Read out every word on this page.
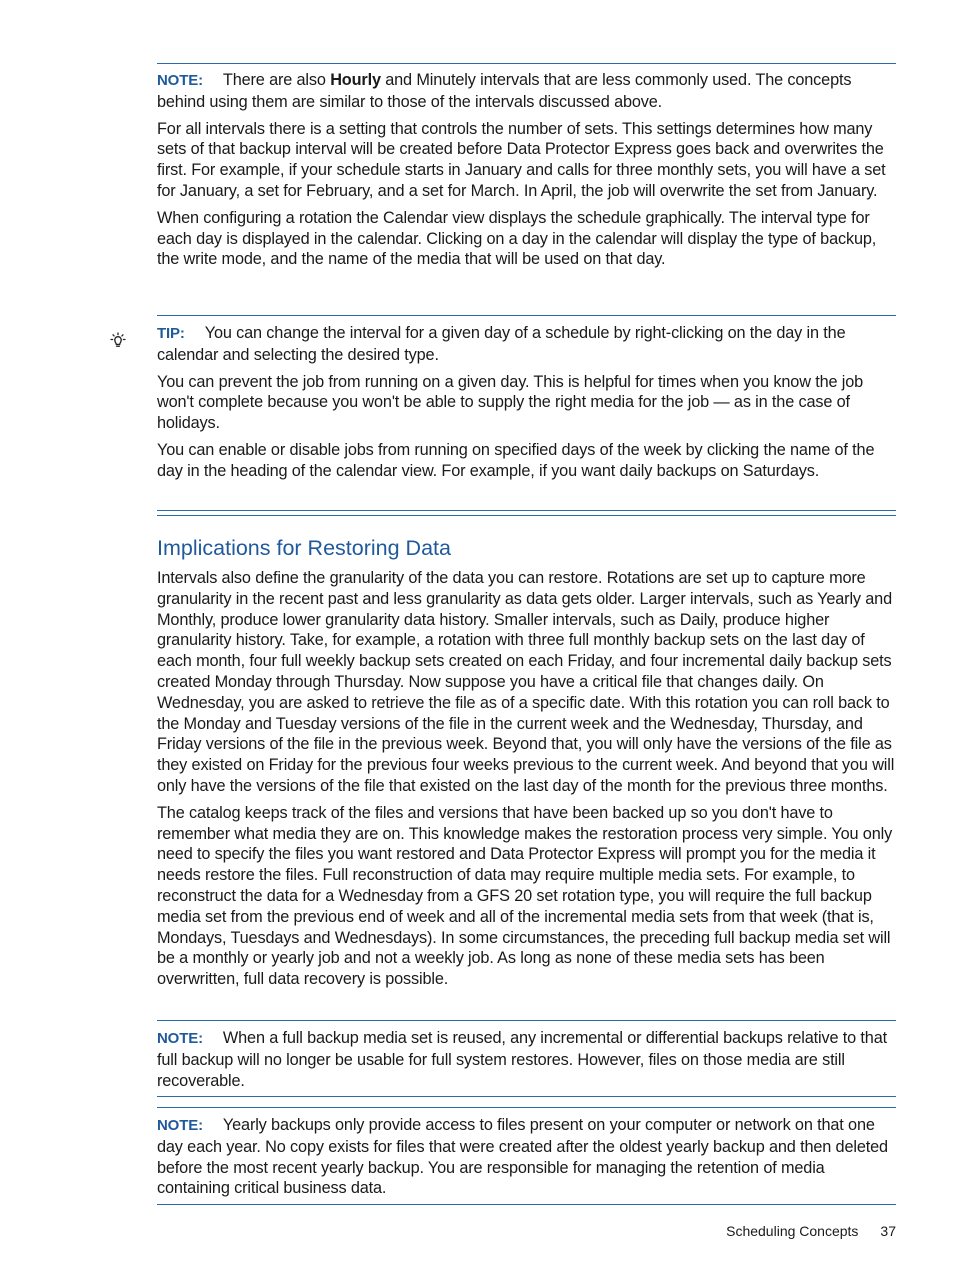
NOTE: There are also Hourly and Minutely intervals that are less commonly used. The concepts behind using them are similar to those of the intervals discussed above.

For all intervals there is a setting that controls the number of sets. This settings determines how many sets of that backup interval will be created before Data Protector Express goes back and overwrites the first. For example, if your schedule starts in January and calls for three monthly sets, you will have a set for January, a set for February, and a set for March. In April, the job will overwrite the set from January.

When configuring a rotation the Calendar view displays the schedule graphically. The interval type for each day is displayed in the calendar. Clicking on a day in the calendar will display the type of backup, the write mode, and the name of the media that will be used on that day.

TIP: You can change the interval for a given day of a schedule by right-clicking on the day in the calendar and selecting the desired type.

You can prevent the job from running on a given day. This is helpful for times when you know the job won't complete because you won't be able to supply the right media for the job — as in the case of holidays.

You can enable or disable jobs from running on specified days of the week by clicking the name of the day in the heading of the calendar view. For example, if you want daily backups on Saturdays.

Implications for Restoring Data

Intervals also define the granularity of the data you can restore. Rotations are set up to capture more granularity in the recent past and less granularity as data gets older. Larger intervals, such as Yearly and Monthly, produce lower granularity data history. Smaller intervals, such as Daily, produce higher granularity history. Take, for example, a rotation with three full monthly backup sets on the last day of each month, four full weekly backup sets created on each Friday, and four incremental daily backup sets created Monday through Thursday. Now suppose you have a critical file that changes daily. On Wednesday, you are asked to retrieve the file as of a specific date. With this rotation you can roll back to the Monday and Tuesday versions of the file in the current week and the Wednesday, Thursday, and Friday versions of the file in the previous week. Beyond that, you will only have the versions of the file as they existed on Friday for the previous four weeks previous to the current week. And beyond that you will only have the versions of the file that existed on the last day of the month for the previous three months.

The catalog keeps track of the files and versions that have been backed up so you don't have to remember what media they are on. This knowledge makes the restoration process very simple. You only need to specify the files you want restored and Data Protector Express will prompt you for the media it needs restore the files. Full reconstruction of data may require multiple media sets. For example, to reconstruct the data for a Wednesday from a GFS 20 set rotation type, you will require the full backup media set from the previous end of week and all of the incremental media sets from that week (that is, Mondays, Tuesdays and Wednesdays). In some circumstances, the preceding full backup media set will be a monthly or yearly job and not a weekly job. As long as none of these media sets has been overwritten, full data recovery is possible.

NOTE: When a full backup media set is reused, any incremental or differential backups relative to that full backup will no longer be usable for full system restores. However, files on those media are still recoverable.

NOTE: Yearly backups only provide access to files present on your computer or network on that one day each year. No copy exists for files that were created after the oldest yearly backup and then deleted before the most recent yearly backup. You are responsible for managing the retention of media containing critical business data.

Scheduling Concepts 37
